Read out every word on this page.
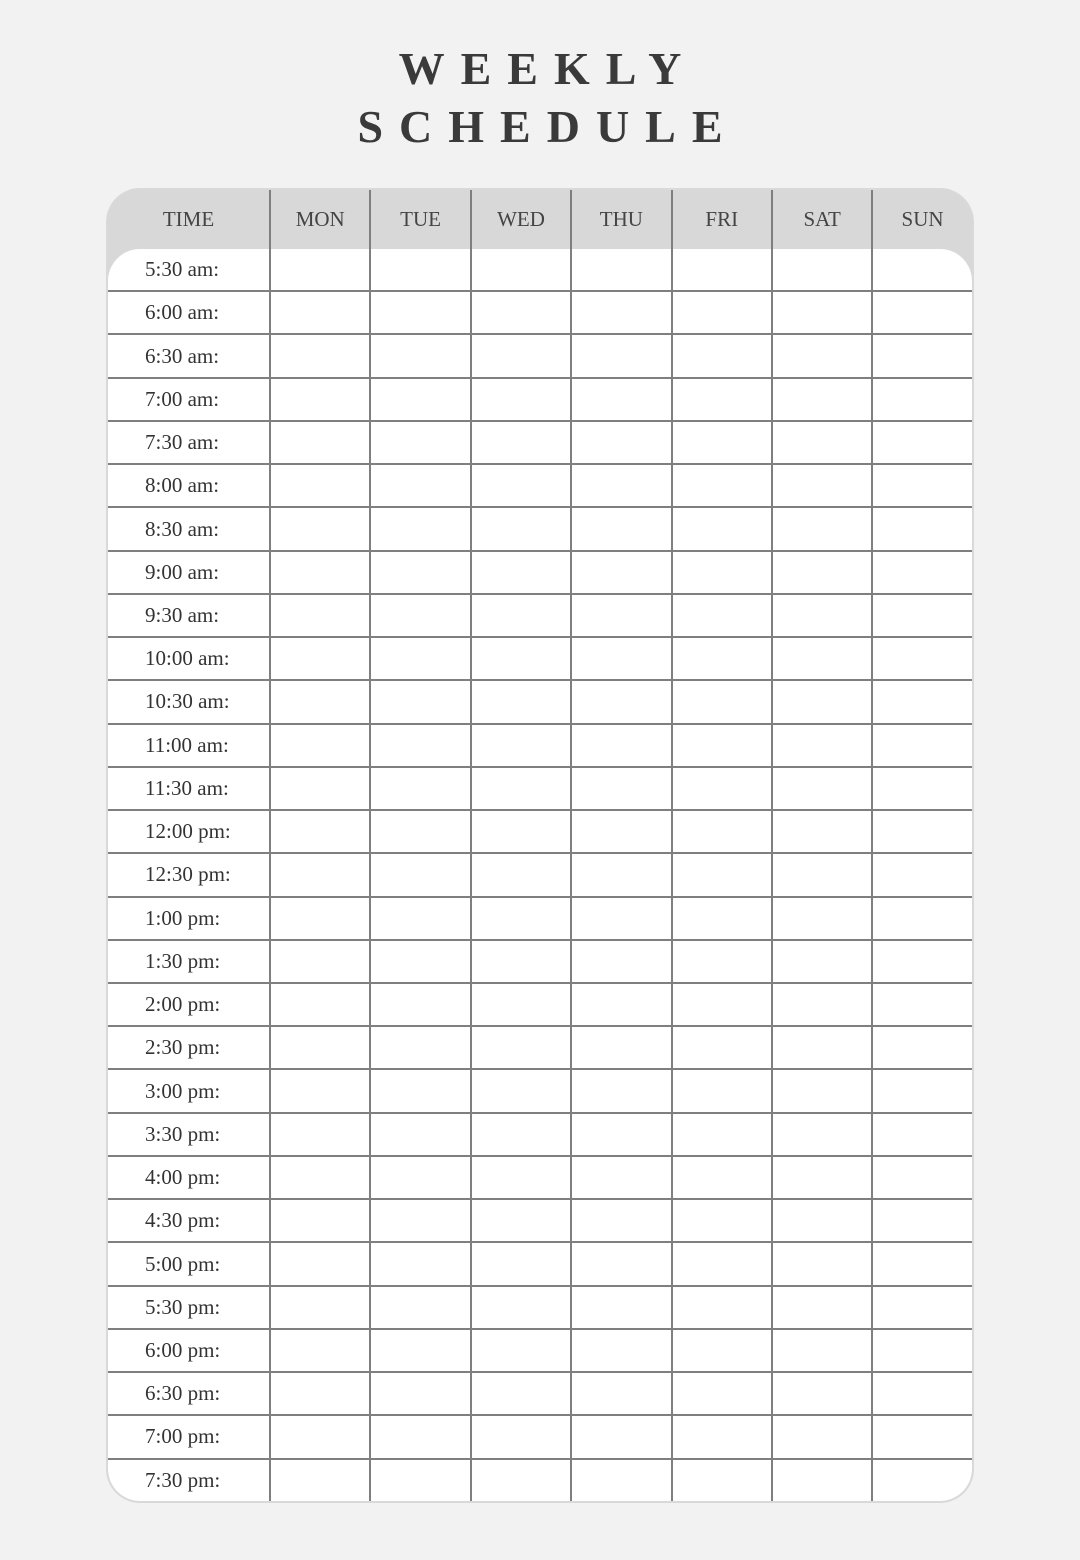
WEEKLY
SCHEDULE
TIME	MON	TUE	WED	THU	FRI	SAT	SUN
5:30 am:
6:00 am:
6:30 am:
7:00 am:
7:30 am:
8:00 am:
8:30 am:
9:00 am:
9:30 am:
10:00 am:
10:30 am:
11:00 am:
11:30 am:
12:00 pm:
12:30 pm:
1:00 pm:
1:30 pm:
2:00 pm:
2:30 pm:
3:00 pm:
3:30 pm:
4:00 pm:
4:30 pm:
5:00 pm:
5:30 pm:
6:00 pm:
6:30 pm:
7:00 pm:
7:30 pm:
